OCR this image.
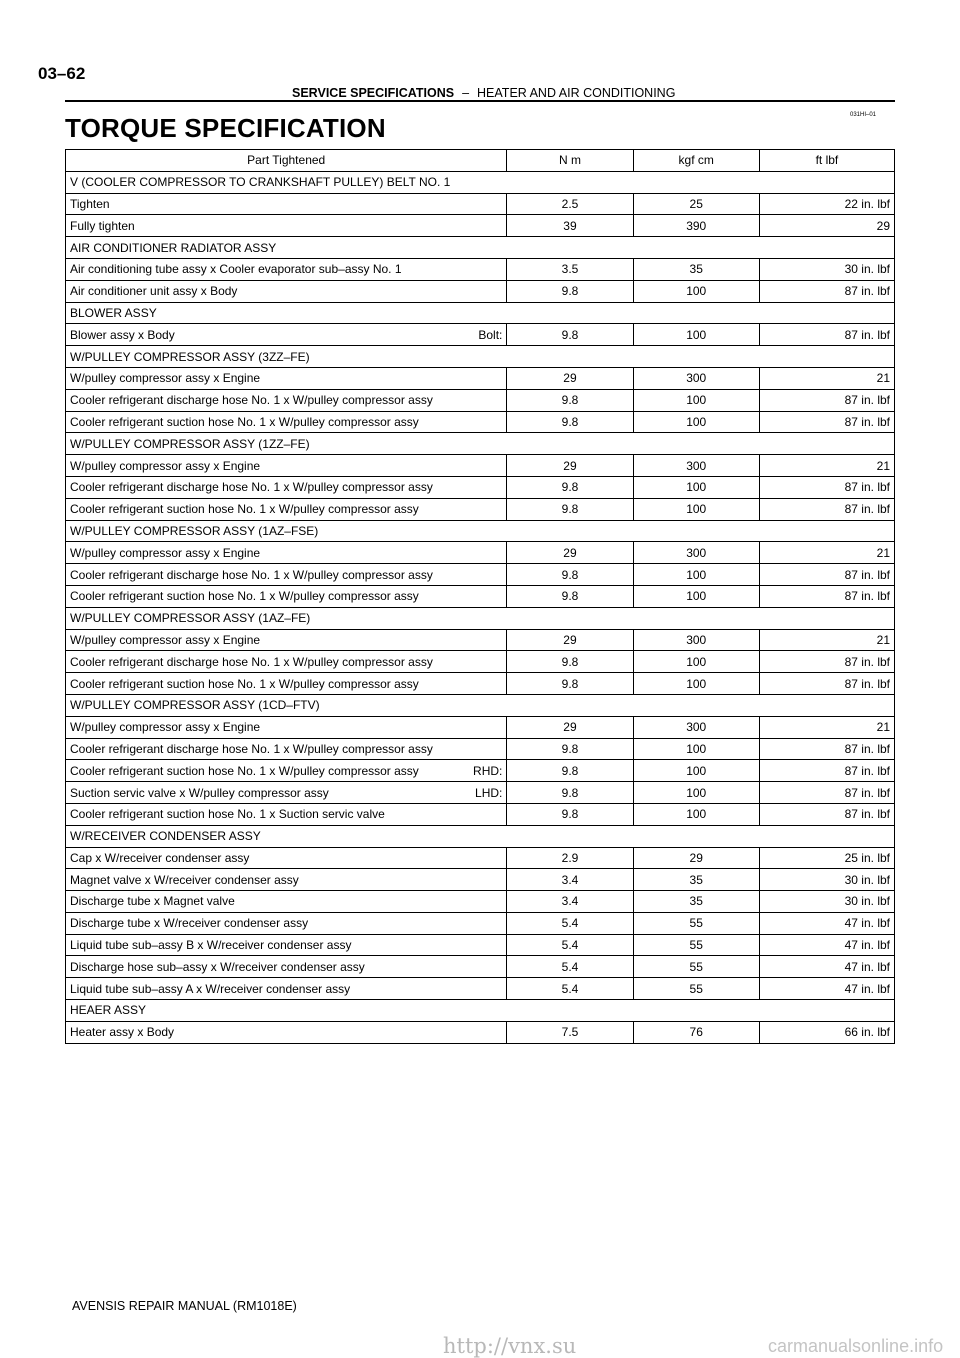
03–62
SERVICE SPECIFICATIONS – HEATER AND AIR CONDITIONING
031HI–01
TORQUE SPECIFICATION
Part Tightened	N m	kgf cm	ft lbf
V (COOLER COMPRESSOR TO CRANKSHAFT PULLEY) BELT NO. 1			

Tighten	2.5	25	22 in. lbf

Fully tighten	39	390	29
AIR CONDITIONER RADIATOR ASSY			

Air conditioning tube assy x Cooler evaporator sub–assy No. 1	3.5	35	30 in. lbf

Air conditioner unit assy x Body	9.8	100	87 in. lbf
BLOWER ASSY			

Blower assy x Body Bolt:	9.8	100	87 in. lbf
W/PULLEY COMPRESSOR ASSY (3ZZ–FE)			

W/pulley compressor assy x Engine	29	300	21

Cooler refrigerant discharge hose No. 1 x W/pulley compressor assy	9.8	100	87 in. lbf

Cooler refrigerant suction hose No. 1 x W/pulley compressor assy	9.8	100	87 in. lbf
W/PULLEY COMPRESSOR ASSY (1ZZ–FE)			

W/pulley compressor assy x Engine	29	300	21

Cooler refrigerant discharge hose No. 1 x W/pulley compressor assy	9.8	100	87 in. lbf

Cooler refrigerant suction hose No. 1 x W/pulley compressor assy	9.8	100	87 in. lbf
W/PULLEY COMPRESSOR ASSY (1AZ–FSE)			

W/pulley compressor assy x Engine	29	300	21

Cooler refrigerant discharge hose No. 1 x W/pulley compressor assy	9.8	100	87 in. lbf

Cooler refrigerant suction hose No. 1 x W/pulley compressor assy	9.8	100	87 in. lbf
W/PULLEY COMPRESSOR ASSY (1AZ–FE)			

W/pulley compressor assy x Engine	29	300	21

Cooler refrigerant discharge hose No. 1 x W/pulley compressor assy	9.8	100	87 in. lbf

Cooler refrigerant suction hose No. 1 x W/pulley compressor assy	9.8	100	87 in. lbf
W/PULLEY COMPRESSOR ASSY (1CD–FTV)			

W/pulley compressor assy x Engine	29	300	21

Cooler refrigerant discharge hose No. 1 x W/pulley compressor assy	9.8	100	87 in. lbf

Cooler refrigerant suction hose No. 1 x W/pulley compressor assy RHD:	9.8	100	87 in. lbf

Suction servic valve x W/pulley compressor assy LHD:	9.8	100	87 in. lbf

Cooler refrigerant suction hose No. 1 x Suction servic valve	9.8	100	87 in. lbf
W/RECEIVER CONDENSER ASSY			

Cap x W/receiver condenser assy	2.9	29	25 in. lbf

Magnet valve x W/receiver condenser assy	3.4	35	30 in. lbf

Discharge tube x Magnet valve	3.4	35	30 in. lbf

Discharge tube x W/receiver condenser assy	5.4	55	47 in. lbf

Liquid tube sub–assy B x W/receiver condenser assy	5.4	55	47 in. lbf

Discharge hose sub–assy x W/receiver condenser assy	5.4	55	47 in. lbf

Liquid tube sub–assy A x W/receiver condenser assy	5.4	55	47 in. lbf
HEAER ASSY			

Heater assy x Body	7.5	76	66 in. lbf
AVENSIS REPAIR MANUAL (RM1018E)
http://vnx.su	carmanualsonline.info
